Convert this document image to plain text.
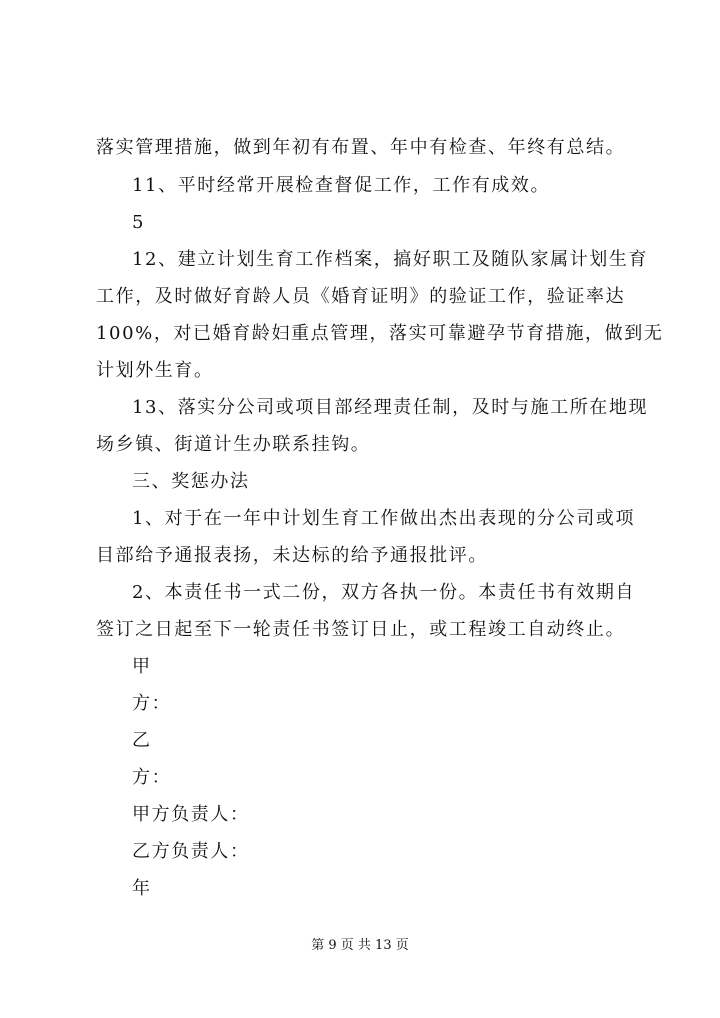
落实管理措施，做到年初有布置、年中有检查、年终有总结。
11、平时经常开展检查督促工作，工作有成效。
5
12、建立计划生育工作档案，搞好职工及随队家属计划生育
工作，及时做好育龄人员《婚育证明》的验证工作，验证率达
100%，对已婚育龄妇重点管理，落实可靠避孕节育措施，做到无
计划外生育。
13、落实分公司或项目部经理责任制，及时与施工所在地现
场乡镇、街道计生办联系挂钩。
三、奖惩办法
1、对于在一年中计划生育工作做出杰出表现的分公司或项
目部给予通报表扬，未达标的给予通报批评。
2、本责任书一式二份，双方各执一份。本责任书有效期自
签订之日起至下一轮责任书签订日止，或工程竣工自动终止。
甲
方：
乙
方：
甲方负责人：
乙方负责人：
年
第 9 页 共 13 页
